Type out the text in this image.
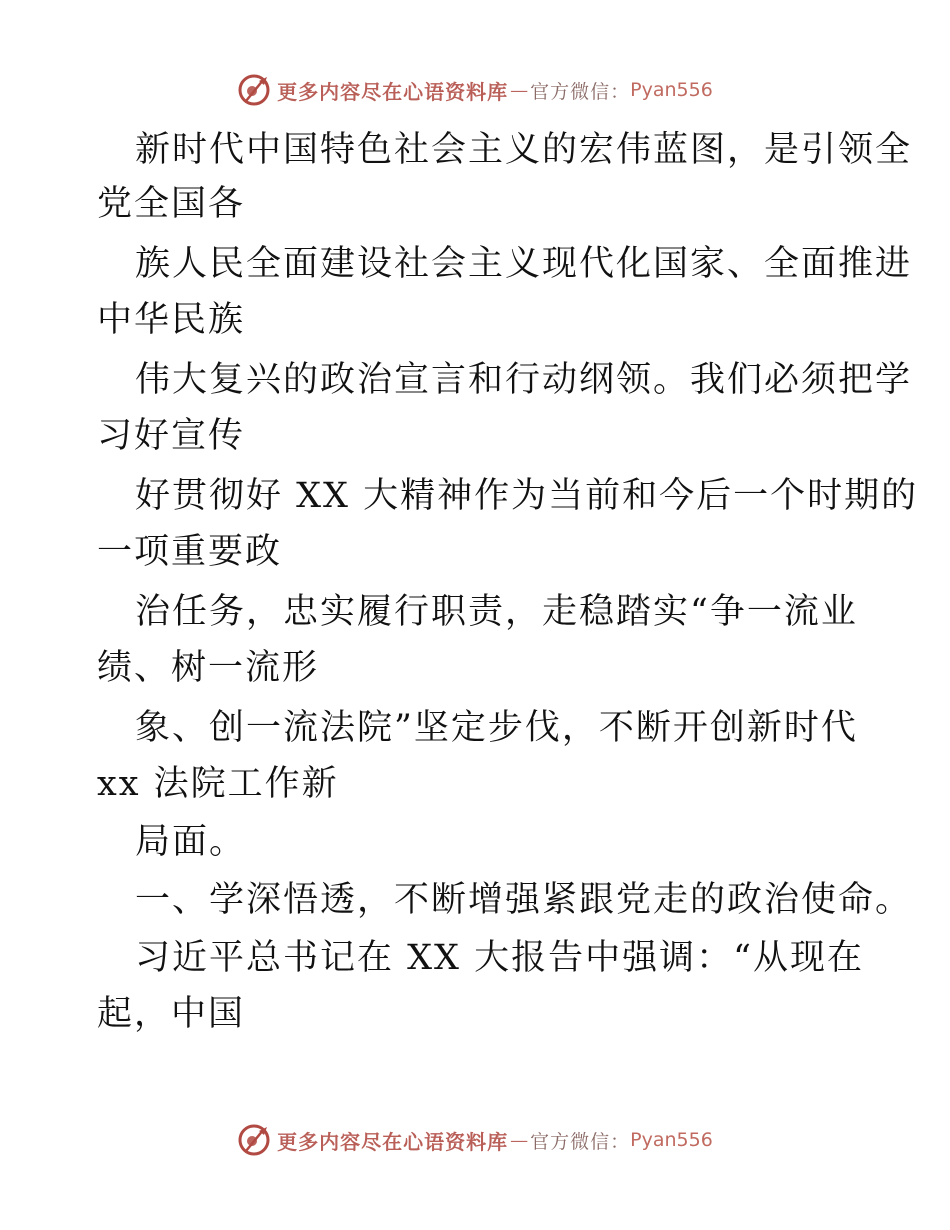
更多内容尽在心语资料库 — 官方微信： Pyan556
新时代中国特色社会主义的宏伟蓝图，是引领全
党全国各
族人民全面建设社会主义现代化国家、全面推进
中华民族
伟大复兴的政治宣言和行动纲领。我们必须把学
习好宣传
好贯彻好 XX 大精神作为当前和今后一个时期的
一项重要政
治任务，忠实履行职责，走稳踏实“争一流业
绩、树一流形
象、创一流法院”坚定步伐，不断开创新时代
xx 法院工作新
局面。
一、学深悟透，不断增强紧跟党走的政治使命。
习近平总书记在 XX 大报告中强调：“从现在
起，中国
更多内容尽在心语资料库 — 官方微信： Pyan556
